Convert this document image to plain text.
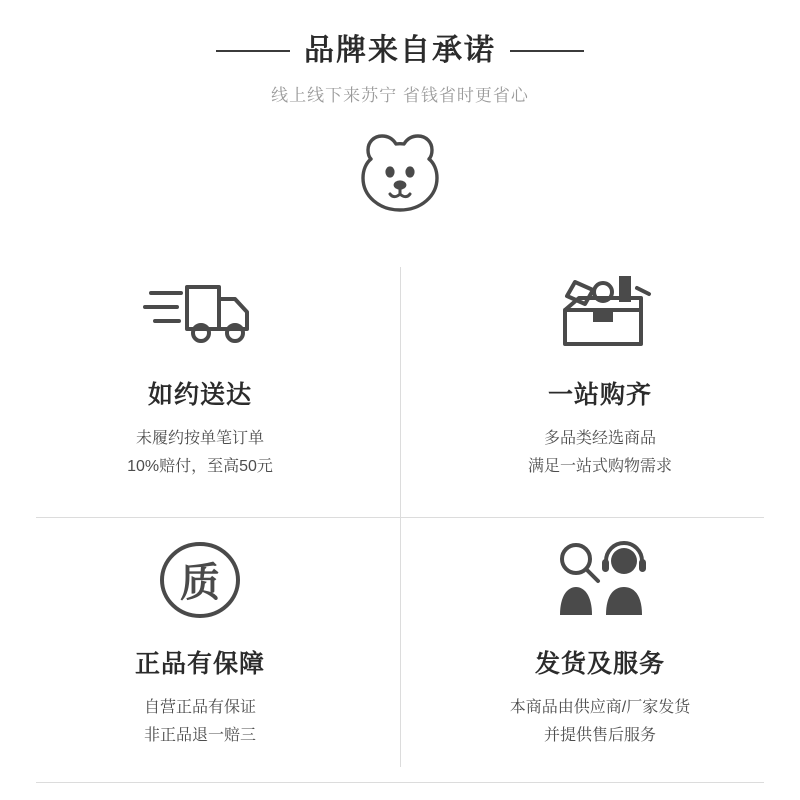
品牌来自承诺
线上线下来苏宁 省钱省时更省心
如约送达
未履约按单笔订单
10%赔付，至高50元
一站购齐
多品类经选商品
满足一站式购物需求
质
正品有保障
自营正品有保证
非正品退一赔三
发货及服务
本商品由供应商/厂家发货
并提供售后服务
